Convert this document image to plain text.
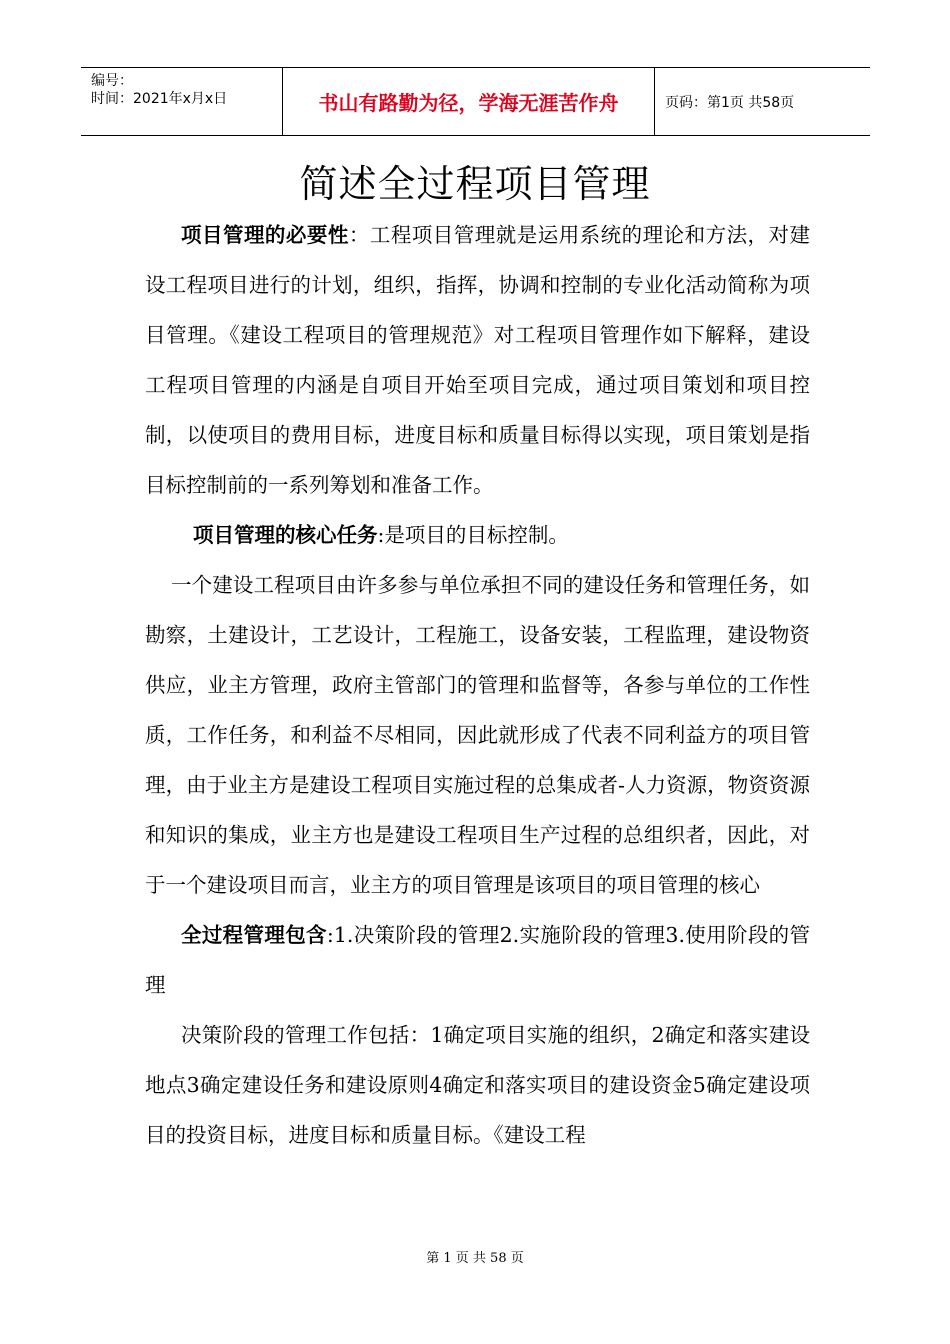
编号：
时间：2021年x月x日	书山有路勤为径，学海无涯苦作舟	页码：第1页 共58页
简述全过程项目管理

项目管理的必要性：工程项目管理就是运用系统的理论和方法，对建设工程项目进行的计划，组织，指挥，协调和控制的专业化活动简称为项目管理。《建设工程项目的管理规范》对工程项目管理作如下解释，建设工程项目管理的内涵是自项目开始至项目完成，通过项目策划和项目控制，以使项目的费用目标，进度目标和质量目标得以实现，项目策划是指目标控制前的一系列筹划和准备工作。

项目管理的核心任务:是项目的目标控制。

一个建设工程项目由许多参与单位承担不同的建设任务和管理任务，如勘察，土建设计，工艺设计，工程施工，设备安装，工程监理，建设物资供应，业主方管理，政府主管部门的管理和监督等，各参与单位的工作性质，工作任务，和利益不尽相同，因此就形成了代表不同利益方的项目管理，由于业主方是建设工程项目实施过程的总集成者-人力资源，物资资源和知识的集成，业主方也是建设工程项目生产过程的总组织者，因此，对于一个建设项目而言，业主方的项目管理是该项目的项目管理的核心

全过程管理包含:1.决策阶段的管理2.实施阶段的管理3.使用阶段的管理

决策阶段的管理工作包括：1确定项目实施的组织，2确定和落实建设地点3确定建设任务和建设原则4确定和落实项目的建设资金5确定建设项目的投资目标，进度目标和质量目标。《建设工程

第 1 页 共 58 页
